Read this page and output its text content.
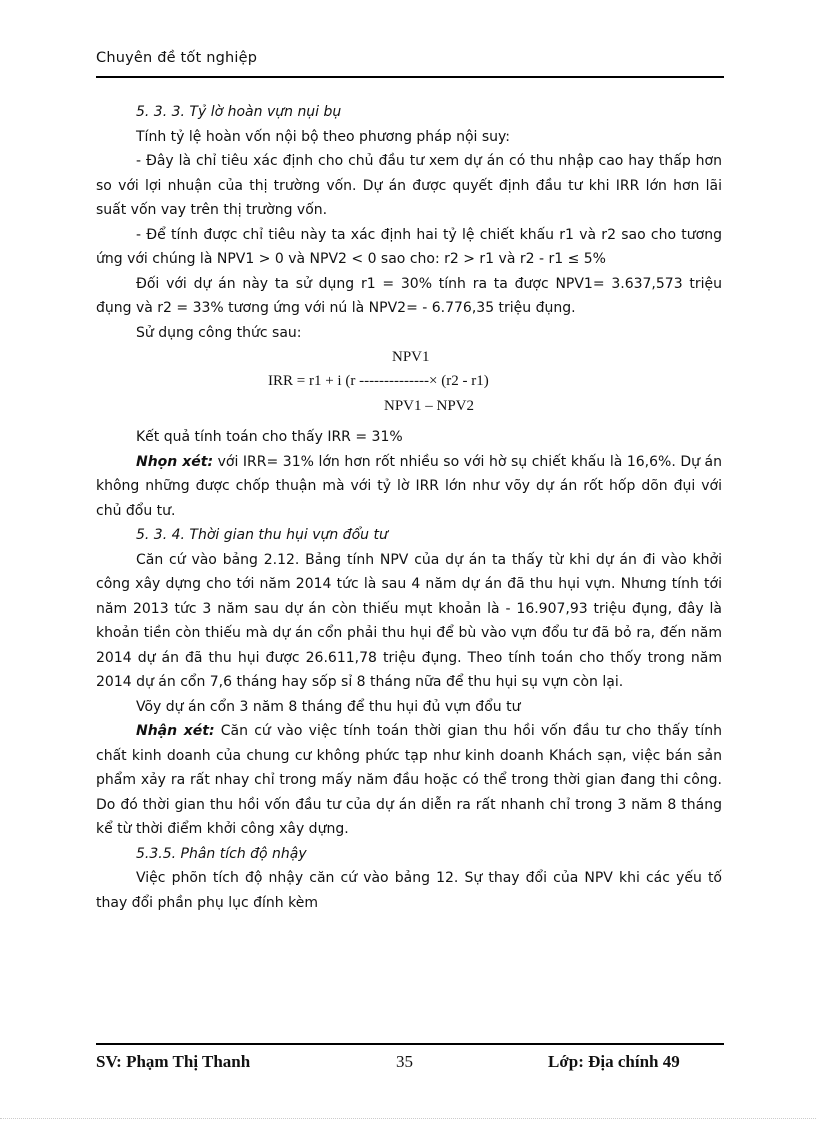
Chuyên đề tốt nghiệp
5. 3. 3. Tỷ lờ hoàn vựn nụi bụ

Tính tỷ lệ hoàn vốn nội bộ theo phương pháp nội suy:

- Đây là chỉ tiêu xác định cho chủ đầu tư xem dự án có thu nhập cao hay thấp hơn so với lợi nhuận của thị trường vốn. Dự án được quyết định đầu tư khi IRR lớn hơn lãi suất vốn vay trên thị trường vốn.

- Để tính được chỉ tiêu này ta xác định hai tỷ lệ chiết khấu r1 và r2 sao cho tương ứng với chúng là NPV1 > 0 và NPV2 < 0 sao cho: r2 > r1 và r2 - r1 ≤ 5%

Đối với dự án này ta sử dụng r1 = 30% tính ra ta được NPV1= 3.637,573 triệu đụng và r2 = 33% tương ứng với nú là NPV2= - 6.776,35 triệu đụng.

Sử dụng công thức sau:

NPV1
IRR = r1 + i (r --------------× (r2 - r1)
NPV1 – NPV2

Kết quả tính toán cho thấy IRR = 31%

Nhọn xét: với IRR= 31% lớn hơn rốt nhiều so với hờ sụ chiết khấu là 16,6%. Dự án không những được chốp thuận mà với tỷ lờ IRR lớn như võy dự án rốt hốp dõn đụi với chủ đổu tư.

5. 3. 4. Thời gian thu hụi vựn đổu tư

Căn cứ vào bảng 2.12. Bảng tính NPV của dự án ta thấy từ khi dự án đi vào khởi công xây dựng cho tới năm 2014 tức là sau 4 năm dự án đã thu hụi vựn. Nhưng tính tới năm 2013 tức 3 năm sau dự án còn thiếu mụt khoản là - 16.907,93 triệu đụng, đây là khoản tiền còn thiếu mà dự án cổn phải thu hụi để bù vào vựn đổu tư đã bỏ ra, đến năm 2014 dự án đã thu hụi được 26.611,78 triệu đụng. Theo tính toán cho thốy trong năm 2014 dự án cổn 7,6 tháng hay sốp sỉ 8 tháng nữa để thu hụi sụ vựn còn lại.

Võy dự án cổn 3 năm 8 tháng để thu hụi đủ vựn đổu tư

Nhận xét: Căn cứ vào việc tính toán thời gian thu hồi vốn đầu tư cho thấy tính chất kinh doanh của chung cư không phức tạp như kinh doanh Khách sạn, việc bán sản phẩm xảy ra rất nhay chỉ trong mấy năm đầu hoặc có thể trong thời gian đang thi công. Do đó thời gian thu hồi vốn đầu tư của dự án diễn ra rất nhanh chỉ trong 3 năm 8 tháng kể từ thời điểm khởi công xây dựng.

5.3.5. Phân tích độ nhậy

Việc phõn tích độ nhậy căn cứ vào bảng 12. Sự thay đổi của NPV khi các yếu tố thay đổi phần phụ lục đính kèm

SV: Phạm Thị Thanh	35	Lớp: Địa chính 49
